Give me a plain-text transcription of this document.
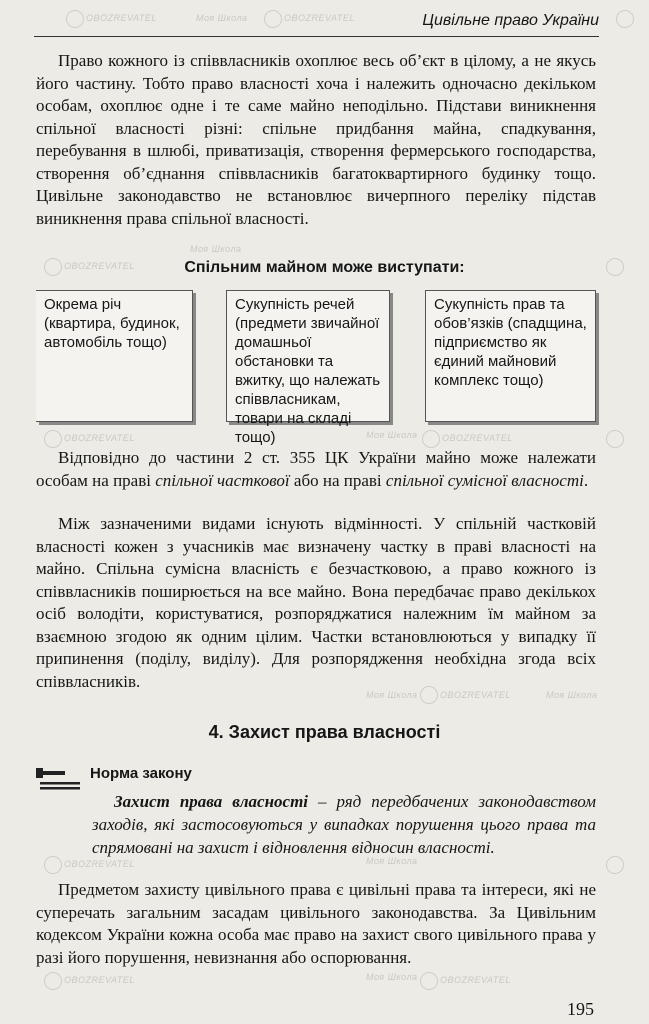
OBOZREVATEL	Моя Школа	OBOZREVATEL
OBOZREVATEL
Моя Школа
OBOZREVATEL	Моя Школа	OBOZREVATEL
Моя Школа OBOZREVATEL	Моя Школа
OBOZREVATEL	Моя Школа
OBOZREVATEL	Моя Школа OBOZREVATEL
Цивільне право України
Право кожного із співвласників охоплює весь об’єкт в цілому, а не якусь його частину. Тобто право власності хоча і належить одночасно декільком особам, охоплює одне і те саме майно неподільно. Підстави виникнення спільної власності різні: спільне придбання майна, спадкування, перебування в шлюбі, приватизація, створення фермерського господарства, створення об’єднання співвласників багатоквартирного будинку тощо. Цивільне законодавство не встановлює вичерпного переліку підстав виникнення права спільної власності.
Спільним майном може виступати:
Окрема річ (квартира, будинок, автомобіль тощо)
Сукупність речей (предмети звичайної домашньої обстановки та вжитку, що належать співвласникам, товари на складі тощо)
Сукупність прав та обов’язків (спадщина, підприємство як єдиний майновий комплекс тощо)
Відповідно до частини 2 ст. 355 ЦК України майно може належати особам на праві спільної часткової або на праві спільної сумісної власності.
Між зазначеними видами існують відмінності. У спільній частковій власності кожен з учасників має визначену частку в праві власності на майно. Спільна сумісна власність є безчастковою, а право кожного із співвласників поширюється на все майно. Вона передбачає право декількох осіб володіти, користуватися, розпоряджатися належним їм майном за взаємною згодою як одним цілим. Частки встановлюються у випадку її припинення (поділу, виділу). Для розпорядження необхідна згода всіх співвласників.
4. Захист права власності
Норма закону
Захист права власності – ряд передбачених законодавством заходів, які застосовуються у випадках порушення цього права та спрямовані на захист і відновлення відносин власності.
Предметом захисту цивільного права є цивільні права та інтереси, які не суперечать загальним засадам цивільного законодавства. За Цивільним кодексом України кожна особа має право на захист свого цивільного права у разі його порушення, невизнання або оспорювання.
195
